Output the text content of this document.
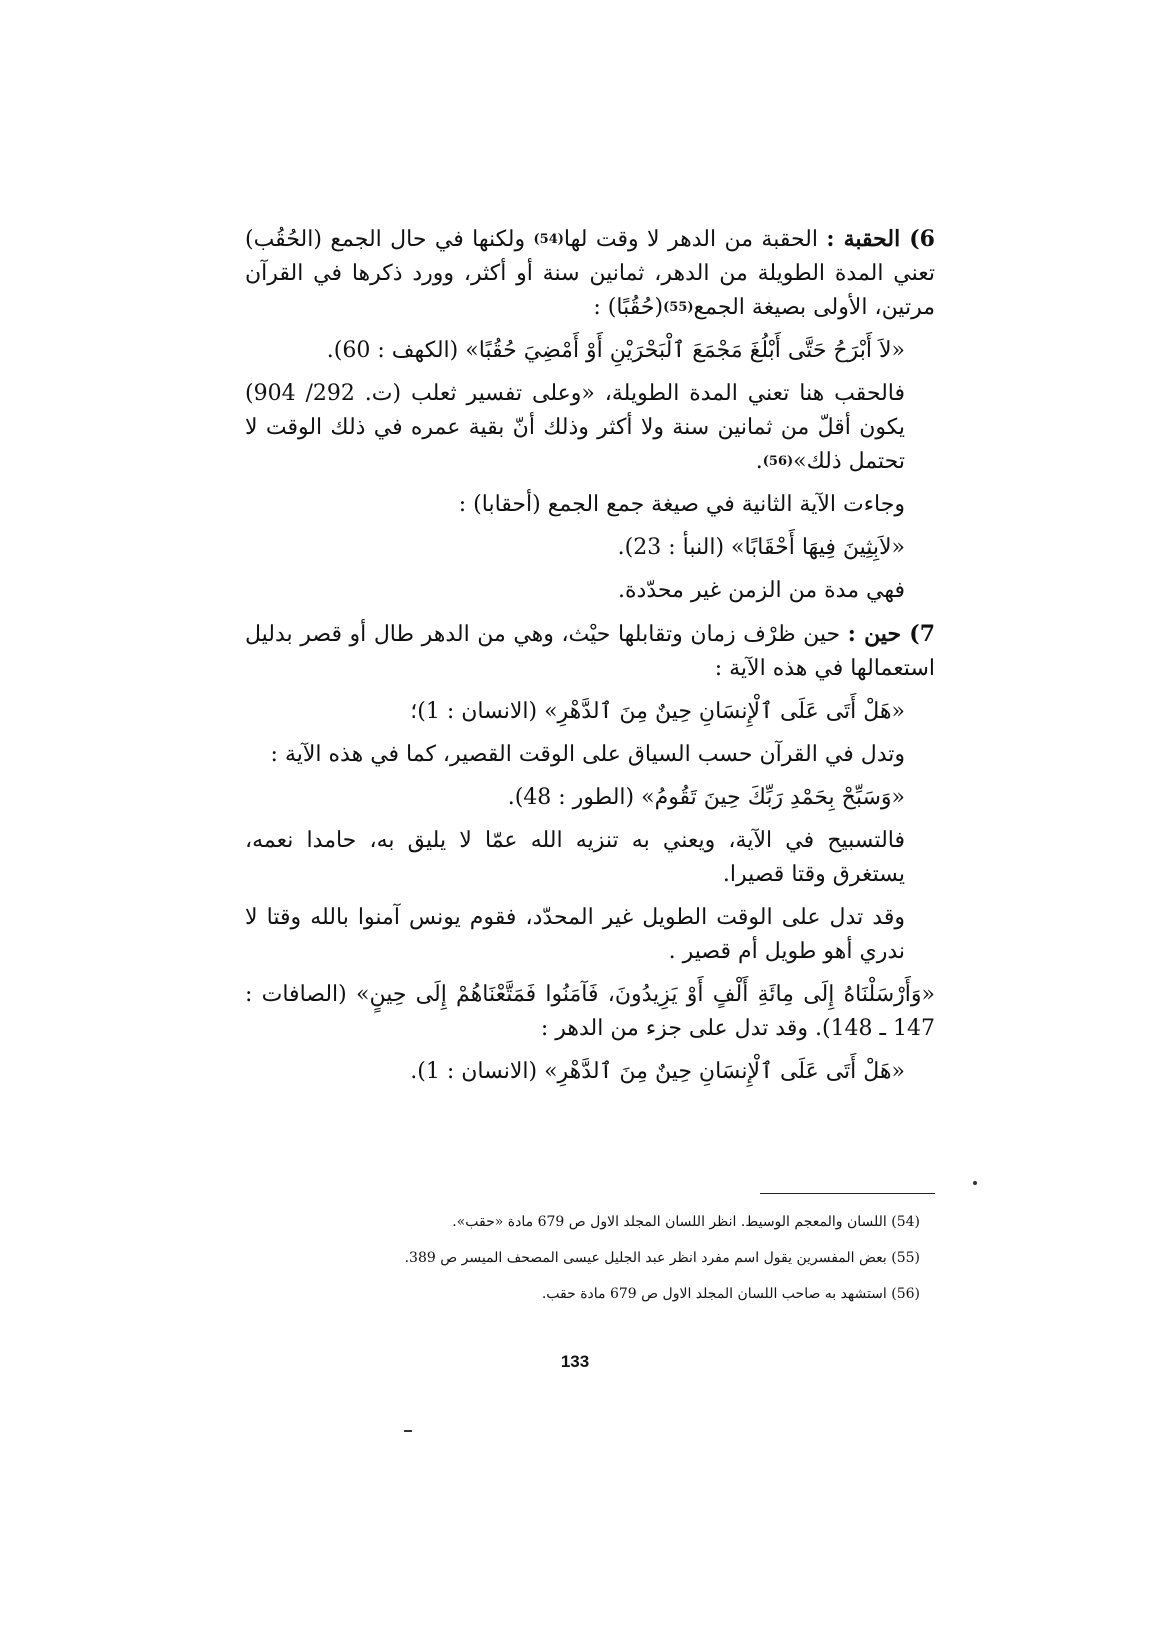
6) الحقبة : الحقبة من الدهر لا وقت لها$^{(54)}$ ولكنها في حال الجمع (الحُقُب) تعني المدة الطويلة من الدهر، ثمانين سنة أو أكثر، وورد ذكرها في القرآن مرتين، الأولى بصيغة الجمع$^{(55)}$(حُقُبًا) :

«لاَ أَبْرَحُ حَتَّى أَبْلُغَ مَجْمَعَ ٱلْبَحْرَيْنِ أَوْ أَمْضِيَ حُقُبًا» (الكهف : 60).

فالحقب هنا تعني المدة الطويلة، «وعلى تفسير ثعلب (ت. 292/ 904) يكون أقلّ من ثمانين سنة ولا أكثر وذلك أنّ بقية عمره في ذلك الوقت لا تحتمل ذلك»$^{(56)}$.

وجاءت الآية الثانية في صيغة جمع الجمع (أحقابا) :

«لاَبِثِينَ فِيهَا أَحْقَابًا» (النبأ : 23).

فهي مدة من الزمن غير محدّدة.

7) حين : حين ظرْف زمان وتقابلها حيْث، وهي من الدهر طال أو قصر بدليل استعمالها في هذه الآية :

«هَلْ أَتَى عَلَى ٱلْإِنسَانِ حِينٌ مِنَ ٱلدَّهْرِ» (الانسان : 1)؛

وتدل في القرآن حسب السياق على الوقت القصير، كما في هذه الآية :

«وَسَبِّحْ بِحَمْدِ رَبِّكَ حِينَ تَقُومُ» (الطور : 48).

فالتسبيح في الآية، ويعني به تنزيه الله عمّا لا يليق به، حامدا نعمه، يستغرق وقتا قصيرا.

وقد تدل على الوقت الطويل غير المحدّد، فقوم يونس آمنوا بالله وقتا لا ندري أهو طويل أم قصير .

«وَأَرْسَلْنَاهُ إِلَى مِائَةِ أَلْفٍ أَوْ يَزِيدُونَ، فَآمَنُوا فَمَتَّعْنَاهُمْ إِلَى حِينٍ» (الصافات : 147 ـ 148). وقد تدل على جزء من الدهر :

«هَلْ أَتَى عَلَى ٱلْإِنسَانِ حِينٌ مِنَ ٱلدَّهْرِ» (الانسان : 1).

(54) اللسان والمعجم الوسيط. انظر اللسان المجلد الاول ص 679 مادة «حقب».

(55) بعض المفسرين يقول اسم مفرد انظر عبد الجليل عيسى المصحف الميسر ص 389.

(56) استشهد به صاحب اللسان المجلد الاول ص 679 مادة حقب.

133
